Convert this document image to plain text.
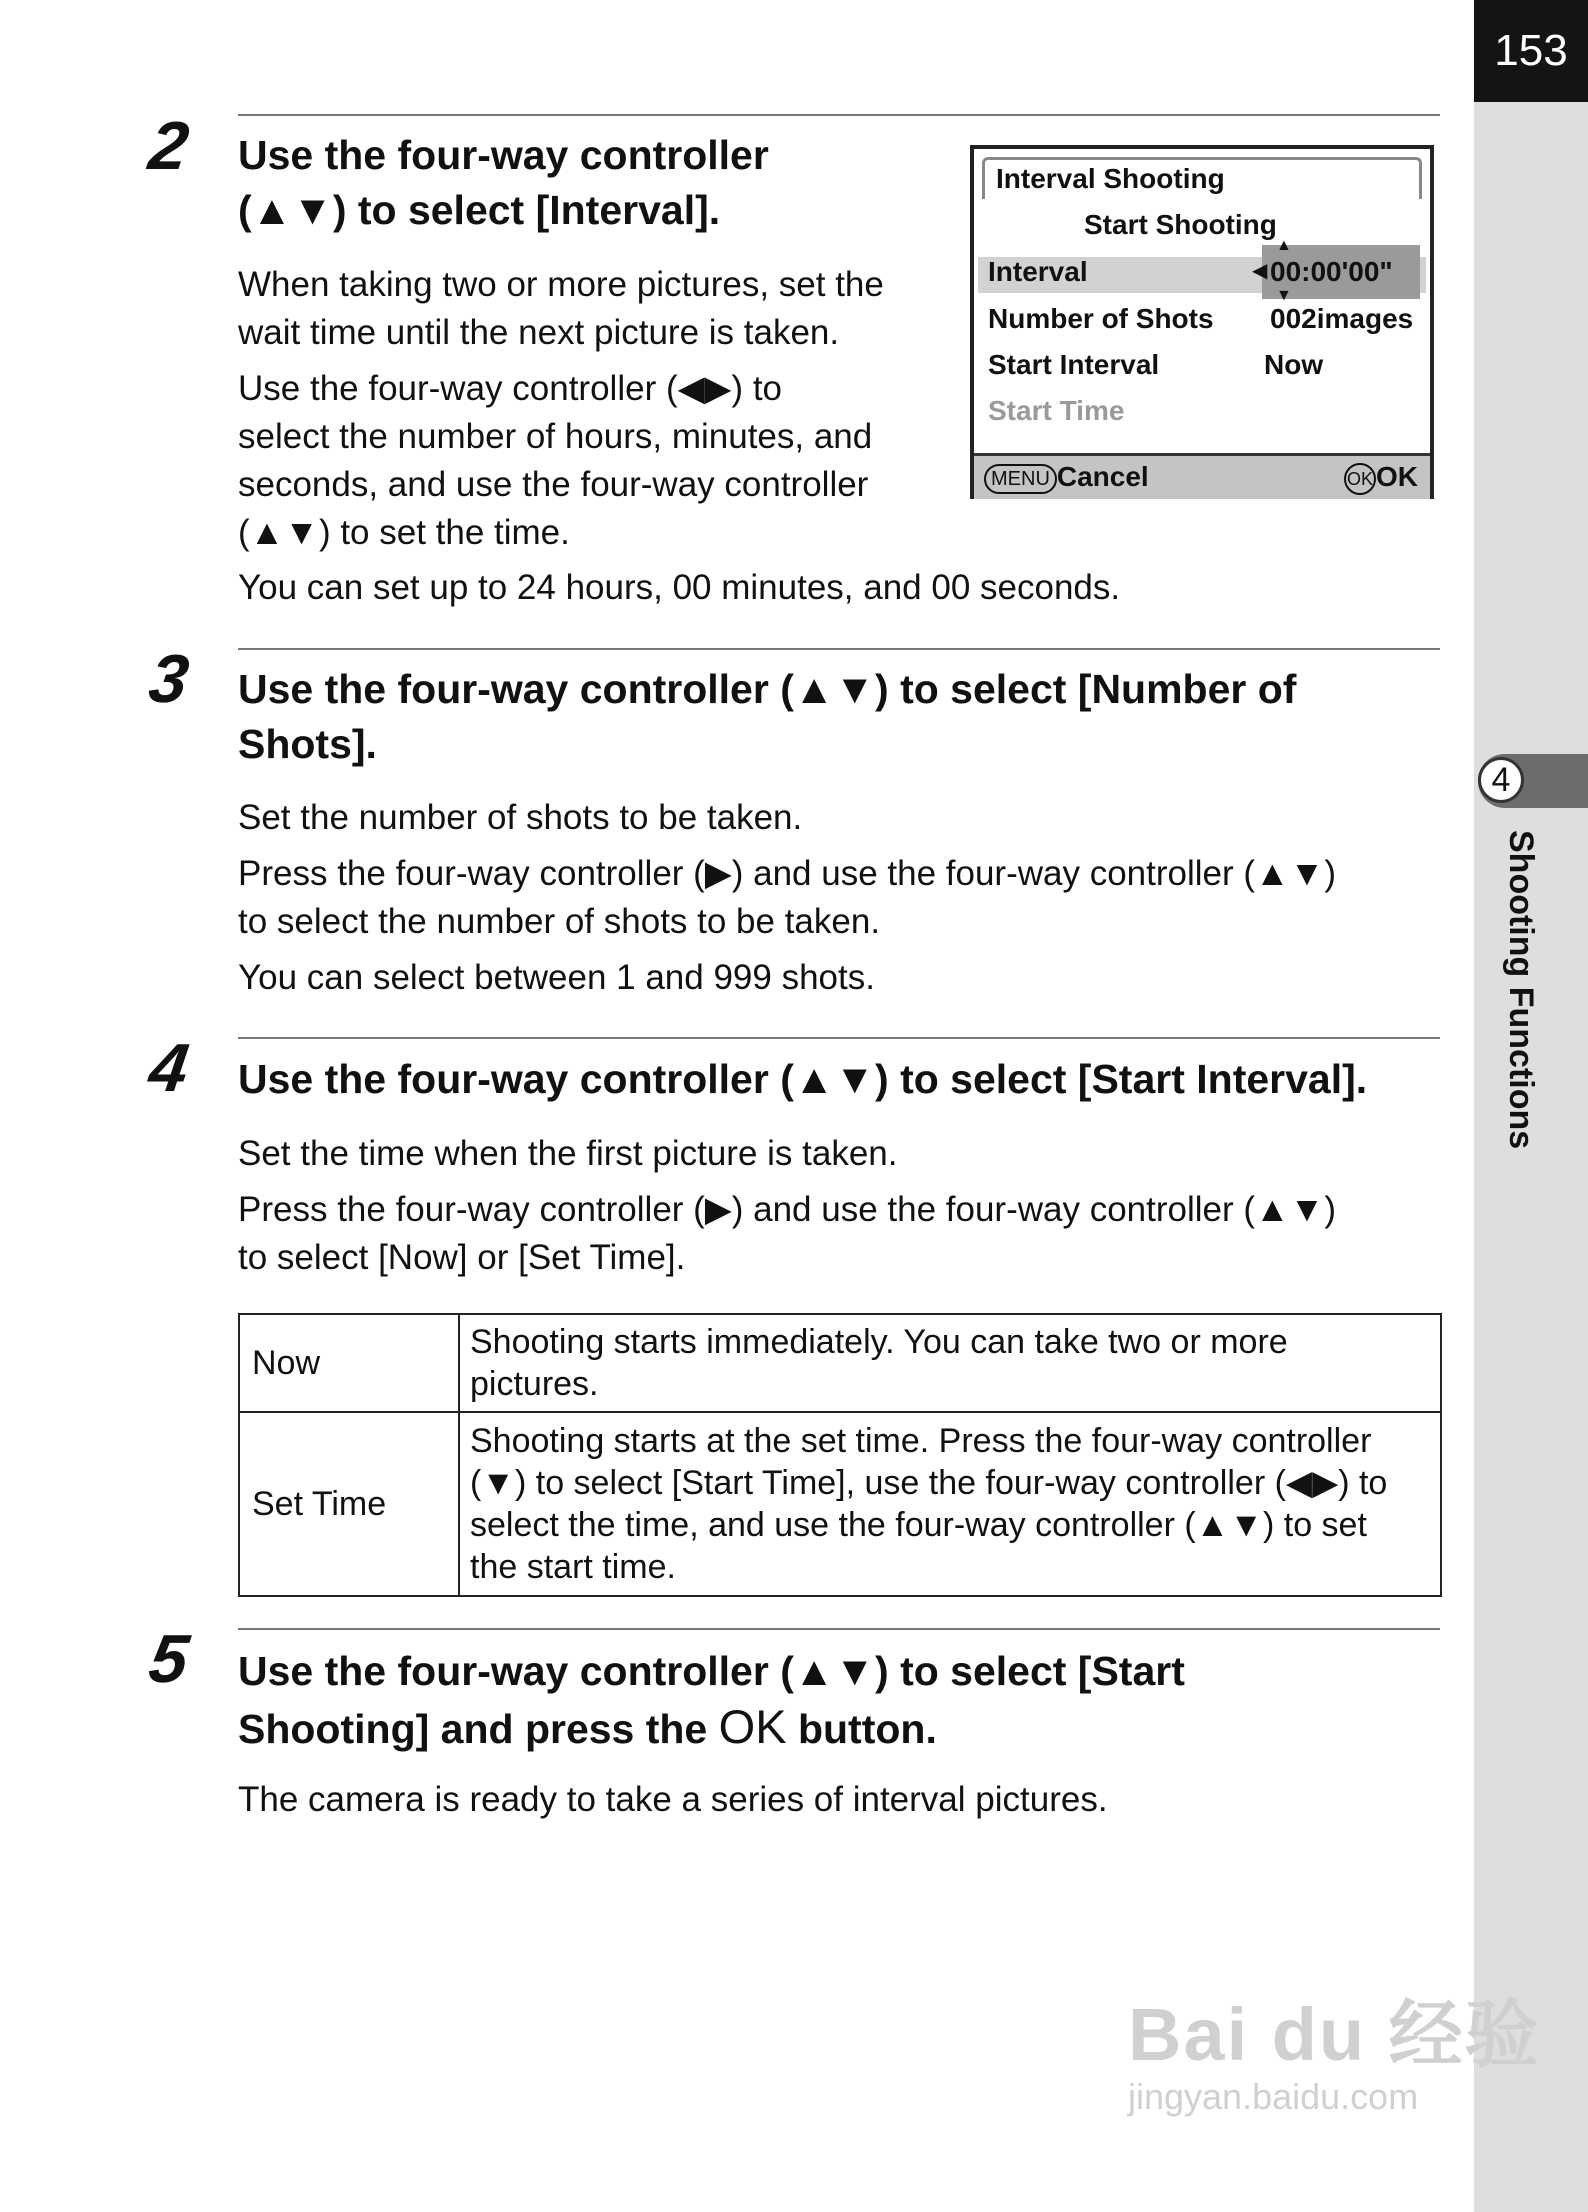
153
4
Shooting Functions
2 Use the four-way controller
(▲▼) to select [Interval].
When taking two or more pictures, set the
wait time until the next picture is taken.
Use the four-way controller (◀▶) to
select the number of hours, minutes, and
seconds, and use the four-way controller
(▲▼) to set the time.
You can set up to 24 hours, 00 minutes, and 00 seconds.
Interval Shooting
Start Shooting
Interval	00:00'00"
◀
▲
▼
Number of Shots 002images
Start Interval	Now
Start Time
MENU Cancel	OK OK
3 Use the four-way controller (▲▼) to select [Number of
Shots].
Set the number of shots to be taken.
Press the four-way controller (▶) and use the four-way controller (▲▼)
to select the number of shots to be taken.
You can select between 1 and 999 shots.
4 Use the four-way controller (▲▼) to select [Start Interval].
Set the time when the first picture is taken.
Press the four-way controller (▶) and use the four-way controller (▲▼)
to select [Now] or [Set Time].
Now	Shooting starts immediately. You can take two or more
pictures.

Set Time	Shooting starts at the set time. Press the four-way controller
(▼) to select [Start Time], use the four-way controller (◀▶) to
select the time, and use the four-way controller (▲▼) to set
the start time.
5 Use the four-way controller (▲▼) to select [Start
Shooting] and press the OK button.
The camera is ready to take a series of interval pictures.
Bai du 经验
jingyan.baidu.com
